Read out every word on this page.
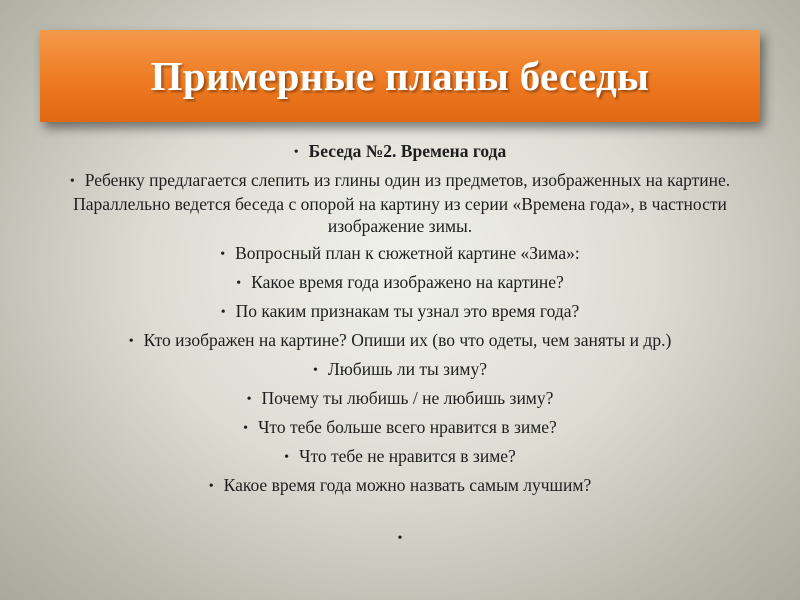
Примерные планы беседы
• Беседа №2. Времена года
• Ребенку предлагается слепить из глины один из предметов, изображенных на картине. Параллельно ведется беседа с опорой на картину из серии «Времена года», в частности изображение зимы.
• Вопросный план к сюжетной картине «Зима»:
• Какое время года изображено на картине?
• По каким признакам ты узнал это время года?
• Кто изображен на картине? Опиши их (во что одеты, чем заняты и др.)
• Любишь ли ты зиму?
• Почему ты любишь / не любишь зиму?
• Что тебе больше всего нравится в зиме?
• Что тебе не нравится в зиме?
• Какое время года можно назвать самым лучшим?
•
